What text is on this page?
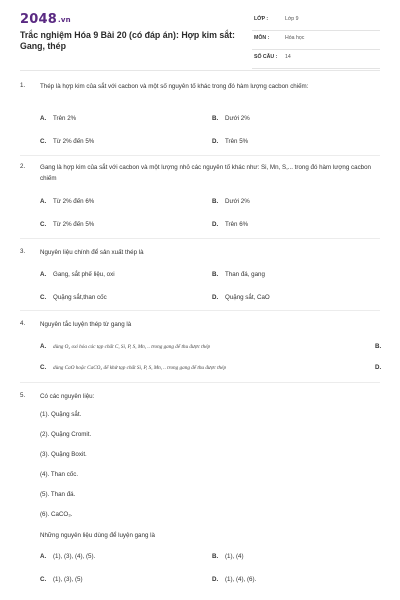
2048.vn
Trắc nghiệm Hóa 9 Bài 20 (có đáp án): Hợp kim sắt: Gang, thép
LỚP :	Lớp 9
MÔN :	Hóa học
SỐ CÂU : 14
1. Thép là hợp kim của sắt với cacbon và một số nguyên tố khác trong đó hàm lượng cacbon chiếm:
A. Trên 2%	B. Dưới 2%
C. Từ 2% đến 5%	D. Trên 5%
2. Gang là hợp kim của sắt với cacbon và một lượng nhỏ các nguyên tố khác như: Si, Mn, S,... trong đó hàm lượng cacbon chiếm
A. Từ 2% đến 6%	B. Dưới 2%
C. Từ 2% đến 5%	D. Trên 6%
3. Nguyên liệu chính để sản xuất thép là
A. Gang, sắt phế liệu, oxi	B. Than đá, gang
C. Quặng sắt,than cốc	D. Quặng sắt, CaO
4. Nguyên tắc luyện thép từ gang là
A. dùng O₂ oxi hóa các tạp chất C, Si, P, S, Mn, .. trong gang để thu được thép	B.
C. dùng CaO hoặc CaCO₃ để khử tạp chất Si, P, S, Mn, .. trong gang để thu được thép	D.
5. Có các nguyên liệu:
(1). Quặng sắt.
(2). Quặng Cromit.
(3). Quặng Boxit.
(4). Than cốc.
(5). Than đá.
(6). CaCO₃.
Những nguyên liệu dùng để luyện gang là
A. (1), (3), (4), (5).	B. (1), (4)
C. (1), (3), (5)	D. (1), (4), (6).
